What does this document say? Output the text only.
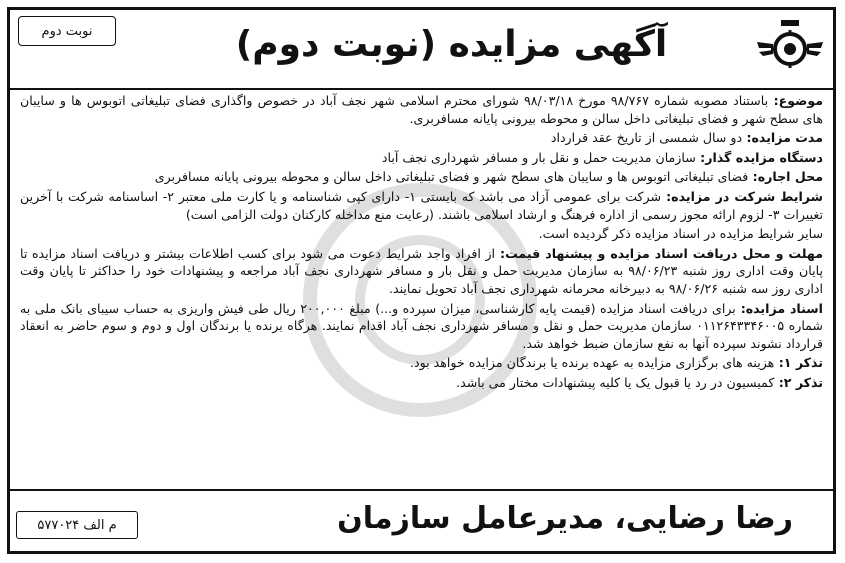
آگهی مزایده (نوبت دوم)
نوبت دوم

موضوع: باستناد مصوبه شماره ۹۸/۷۶۷ مورخ ۹۸/۰۳/۱۸ شورای محترم اسلامی شهر نجف آباد در خصوص واگذاری فضای تبلیغاتی اتوبوس ها و سایبان های سطح شهر و فضای تبلیغاتی داخل سالن و محوطه بیرونی پایانه مسافربری.

مدت مزایده: دو سال شمسی از تاریخ عقد قرارداد

دستگاه مزایده گذار: سازمان مدیریت حمل و نقل بار و مسافر شهرداری نجف آباد

محل اجاره: فضای تبلیغاتی اتوبوس ها و سایبان های سطح شهر و فضای تبلیغاتی داخل سالن و محوطه بیرونی پایانه مسافربری

شرایط شرکت در مزایده: شرکت برای عمومی آزاد می باشد که بایستی ۱- دارای کپی شناسنامه و یا کارت ملی معتبر ۲- اساسنامه شرکت با آخرین تغییرات ۳- لزوم ارائه مجوز رسمی از اداره فرهنگ و ارشاد اسلامی باشند. (رعایت منع مداخله کارکنان دولت الزامی است)

سایر شرایط مزایده در اسناد مزایده ذکر گردیده است.

مهلت و محل دریافت اسناد مزایده و پیشنهاد قیمت: از افراد واجد شرایط دعوت می شود برای کسب اطلاعات بیشتر و دریافت اسناد مزایده تا پایان وقت اداری روز شنبه ۹۸/۰۶/۲۳ به سازمان مدیریت حمل و نقل بار و مسافر شهرداری نجف آباد مراجعه و پیشنهادات خود را حداکثر تا پایان وقت اداری روز سه شنبه ۹۸/۰۶/۲۶ به دبیرخانه محرمانه شهرداری نجف آباد تحویل نمایند.

اسناد مزایده: برای دریافت اسناد مزایده (قیمت پایه کارشناسی، میزان سپرده و...) مبلغ ۲۰۰,۰۰۰ ریال طی فیش واریزی به حساب سیبای بانک ملی به شماره ۰۱۱۲۶۴۳۳۴۶۰۰۵ سازمان مدیریت حمل و نقل و مسافر شهرداری نجف آباد اقدام نمایند. هرگاه برنده یا برندگان اول و دوم و سوم حاضر به انعقاد قرارداد نشوند سپرده آنها به نفع سازمان ضبط خواهد شد.

تذکر ۱: هزینه های برگزاری مزایده به عهده برنده یا برندگان مزایده خواهد بود.

تذکر ۲: کمیسیون در رد یا قبول یک یا کلیه پیشنهادات مختار می باشد.

رضا رضایی، مدیرعامل سازمان
م الف ۵۷۷۰۲۴
